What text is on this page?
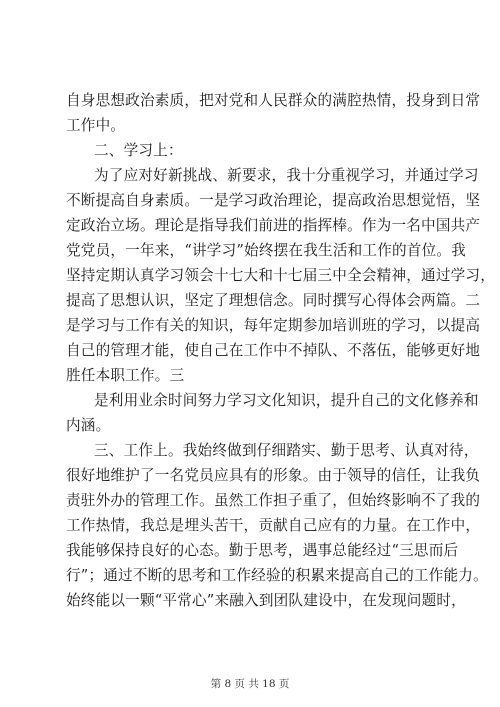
自身思想政治素质，把对党和人民群众的满腔热情，投身到日常
工作中。

二、学习上：

为了应对好新挑战、新要求，我十分重视学习，并通过学习
不断提高自身素质。一是学习政治理论，提高政治思想觉悟，坚
定政治立场。理论是指导我们前进的指挥棒。作为一名中国共产
党党员，一年来，“讲学习”始终摆在我生活和工作的首位。我
坚持定期认真学习领会十七大和十七届三中全会精神，通过学习，
提高了思想认识，坚定了理想信念。同时撰写心得体会两篇。二
是学习与工作有关的知识，每年定期参加培训班的学习，以提高
自己的管理才能，使自己在工作中不掉队、不落伍，能够更好地
胜任本职工作。三

是利用业余时间努力学习文化知识，提升自己的文化修养和
内涵。

三、工作上。我始终做到仔细踏实、勤于思考、认真对待，
很好地维护了一名党员应具有的形象。由于领导的信任，让我负
责驻外办的管理工作。虽然工作担子重了，但始终影响不了我的
工作热情，我总是埋头苦干，贡献自己应有的力量。在工作中，
我能够保持良好的心态。勤于思考，遇事总能经过“三思而后
行”；通过不断的思考和工作经验的积累来提高自己的工作能力。
始终能以一颗“平常心”来融入到团队建设中，在发现问题时，

第 8 页 共 18 页
